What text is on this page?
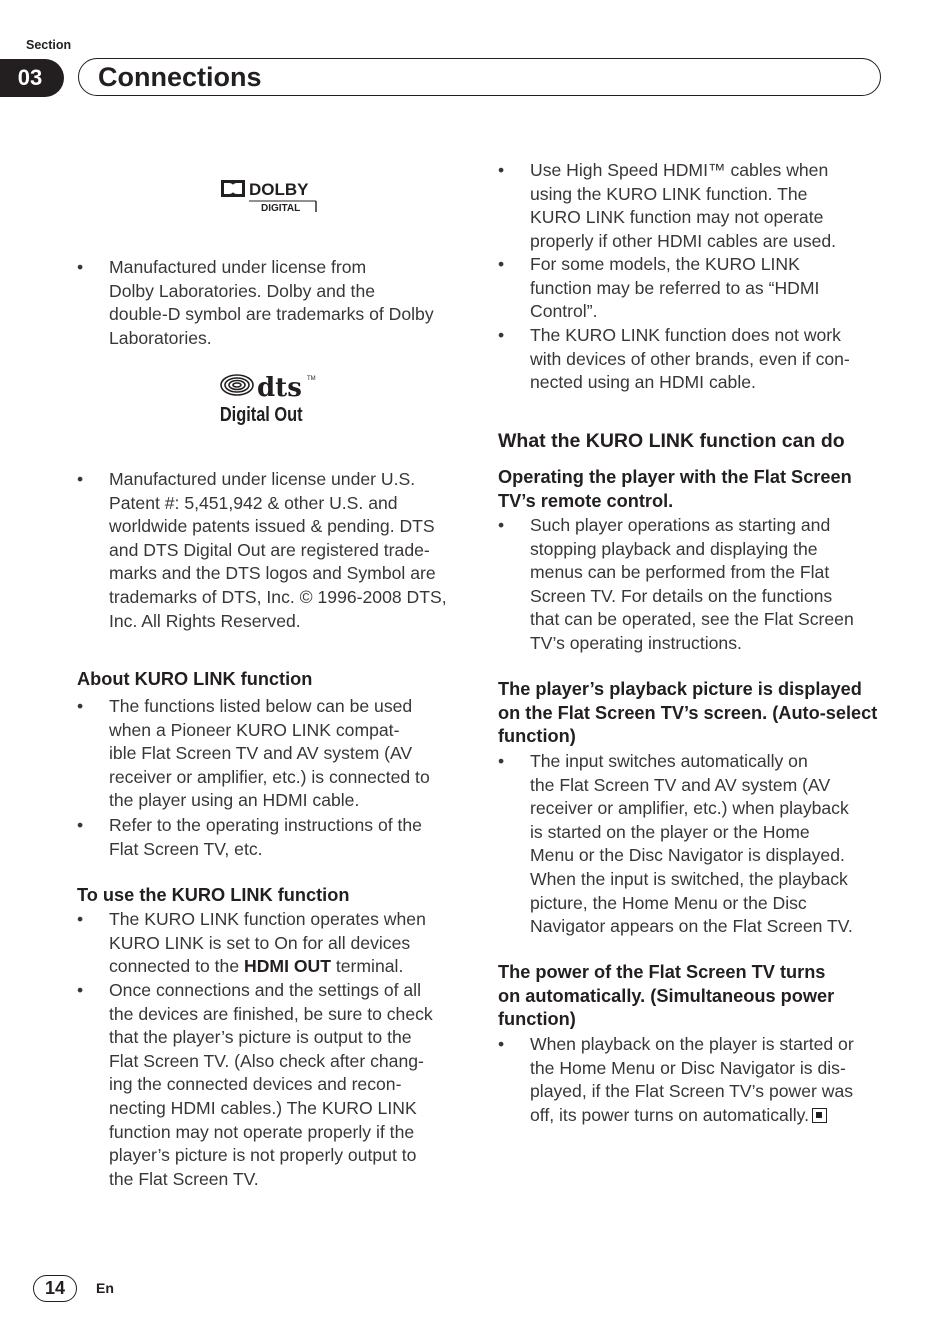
Section
03	Connections
DOLBY
DIGITAL
dts TM
Digital Out
• Manufactured under license from
Dolby Laboratories. Dolby and the
double-D symbol are trademarks of Dolby
Laboratories.
• Manufactured under license under U.S.
Patent #: 5,451,942 & other U.S. and
worldwide patents issued & pending. DTS
and DTS Digital Out are registered trade-
marks and the DTS logos and Symbol are
trademarks of DTS, Inc. © 1996-2008 DTS,
Inc. All Rights Reserved.
About KURO LINK function
• The functions listed below can be used
when a Pioneer KURO LINK compat-
ible Flat Screen TV and AV system (AV
receiver or amplifier, etc.) is connected to
the player using an HDMI cable.
• Refer to the operating instructions of the
Flat Screen TV, etc.
To use the KURO LINK function
• The KURO LINK function operates when
KURO LINK is set to On for all devices
connected to the HDMI OUT terminal.
• Once connections and the settings of all
the devices are finished, be sure to check
that the player’s picture is output to the
Flat Screen TV. (Also check after chang-
ing the connected devices and recon-
necting HDMI cables.) The KURO LINK
function may not operate properly if the
player’s picture is not properly output to
the Flat Screen TV.
• Use High Speed HDMI™ cables when
using the KURO LINK function. The
KURO LINK function may not operate
properly if other HDMI cables are used.
• For some models, the KURO LINK
function may be referred to as “HDMI
Control”.
• The KURO LINK function does not work
with devices of other brands, even if con-
nected using an HDMI cable.
What the KURO LINK function can do
Operating the player with the Flat Screen
TV’s remote control.
• Such player operations as starting and
stopping playback and displaying the
menus can be performed from the Flat
Screen TV. For details on the functions
that can be operated, see the Flat Screen
TV’s operating instructions.
The player’s playback picture is displayed
on the Flat Screen TV’s screen. (Auto-select
function)
• The input switches automatically on
the Flat Screen TV and AV system (AV
receiver or amplifier, etc.) when playback
is started on the player or the Home
Menu or the Disc Navigator is displayed.
When the input is switched, the playback
picture, the Home Menu or the Disc
Navigator appears on the Flat Screen TV.
The power of the Flat Screen TV turns
on automatically. (Simultaneous power
function)
• When playback on the player is started or
the Home Menu or Disc Navigator is dis-
played, if the Flat Screen TV’s power was
off, its power turns on automatically.
14	En
